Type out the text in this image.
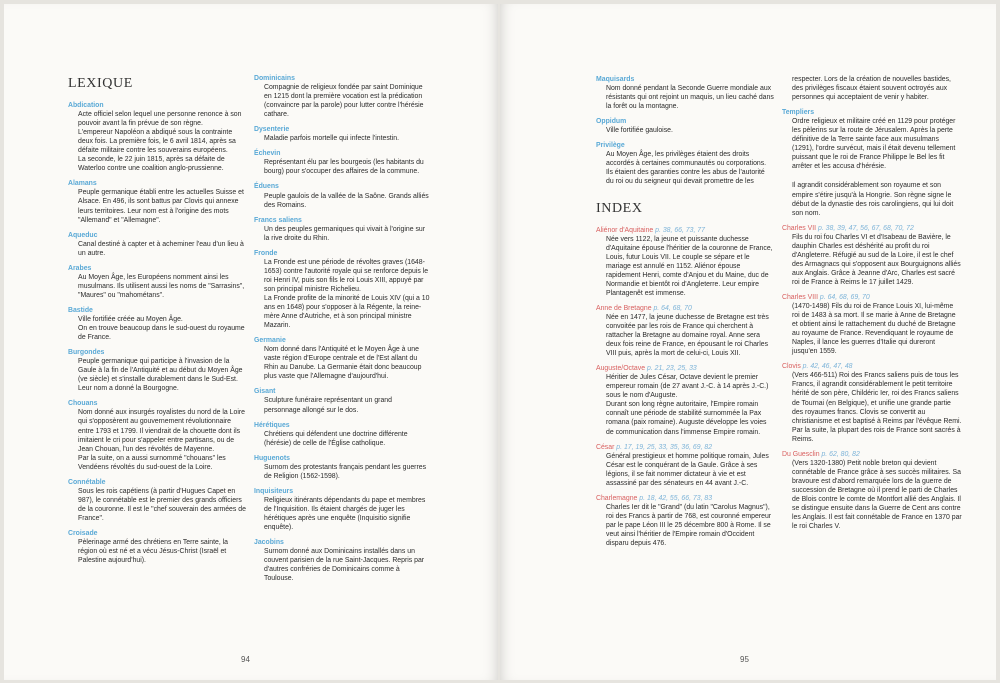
LEXIQUE
Abdication

Acte officiel selon lequel une personne renonce à son pouvoir avant la fin prévue de son règne.

L'empereur Napoléon a abdiqué sous la contrainte deux fois. La première fois, le 6 avril 1814, après sa défaite militaire contre les souverains européens.

La seconde, le 22 juin 1815, après sa défaite de Waterloo contre une coalition anglo-prussienne.

Alamans

Peuple germanique établi entre les actuelles Suisse et Alsace. En 496, ils sont battus par Clovis qui annexe leurs territoires. Leur nom est à l'origine des mots "Allemand" et "Allemagne".

Aqueduc

Canal destiné à capter et à acheminer l'eau d'un lieu à un autre.

Arabes

Au Moyen Âge, les Européens nomment ainsi les musulmans. Ils utilisent aussi les noms de "Sarrasins", "Maures" ou "mahométans".

Bastide

Ville fortifiée créée au Moyen Âge.

On en trouve beaucoup dans le sud-ouest du royaume de France.

Burgondes

Peuple germanique qui participe à l'invasion de la Gaule à la fin de l'Antiquité et au début du Moyen Âge (ve siècle) et s'installe durablement dans le Sud-Est. Leur nom a donné la Bourgogne.

Chouans

Nom donné aux insurgés royalistes du nord de la Loire qui s'opposèrent au gouvernement révolutionnaire entre 1793 et 1799. Il viendrait de la chouette dont ils imitaient le cri pour s'appeler entre partisans, ou de Jean Chouan, l'un des révoltés de Mayenne.

Par la suite, on a aussi surnommé "chouans" les Vendéens révoltés du sud-ouest de la Loire.

Connétable

Sous les rois capétiens (à partir d'Hugues Capet en 987), le connétable est le premier des grands officiers de la couronne. Il est le "chef souverain des armées de France".

Croisade

Pèlerinage armé des chrétiens en Terre sainte, la région où est né et a vécu Jésus-Christ (Israël et Palestine aujourd'hui).

Dominicains

Compagnie de religieux fondée par saint Dominique en 1215 dont la première vocation est la prédication (convaincre par la parole) pour lutter contre l'hérésie cathare.

Dysenterie

Maladie parfois mortelle qui infecte l'intestin.

Échevin

Représentant élu par les bourgeois (les habitants du bourg) pour s'occuper des affaires de la commune.

Éduens

Peuple gaulois de la vallée de la Saône. Grands alliés des Romains.

Francs saliens

Un des peuples germaniques qui vivait à l'origine sur la rive droite du Rhin.

Fronde

La Fronde est une période de révoltes graves (1648-1653) contre l'autorité royale qui se renforce depuis le roi Henri IV, puis son fils le roi Louis XIII, appuyé par son principal ministre Richelieu.

La Fronde profite de la minorité de Louis XIV (qui a 10 ans en 1648) pour s'opposer à la Régente, la reine-mère Anne d'Autriche, et à son principal ministre Mazarin.

Germanie

Nom donné dans l'Antiquité et le Moyen Âge à une vaste région d'Europe centrale et de l'Est allant du Rhin au Danube. La Germanie était donc beaucoup plus vaste que l'Allemagne d'aujourd'hui.

Gisant

Sculpture funéraire représentant un grand personnage allongé sur le dos.

Hérétiques

Chrétiens qui défendent une doctrine différente (hérésie) de celle de l'Église catholique.

Huguenots

Surnom des protestants français pendant les guerres de Religion (1562-1598).

Inquisiteurs

Religieux itinérants dépendants du pape et membres de l'Inquisition. Ils étaient chargés de juger les hérétiques après une enquête (Inquisitio signifie enquête).

Jacobins

Surnom donné aux Dominicains installés dans un couvent parisien de la rue Saint-Jacques. Repris par d'autres confréries de Dominicains comme à Toulouse.

94
Maquisards

Nom donné pendant la Seconde Guerre mondiale aux résistants qui ont rejoint un maquis, un lieu caché dans la forêt ou la montagne.

Oppidum

Ville fortifiée gauloise.

Privilège

Au Moyen Âge, les privilèges étaient des droits accordés à certaines communautés ou corporations. Ils étaient des garanties contre les abus de l'autorité du roi ou du seigneur qui devait promettre de les

INDEX
Aliénor d'Aquitaine p. 38, 66, 73, 77

Née vers 1122, la jeune et puissante duchesse d'Aquitaine épouse l'héritier de la couronne de France, Louis, futur Louis VII. Le couple se sépare et le mariage est annulé en 1152. Aliénor épouse rapidement Henri, comte d'Anjou et du Maine, duc de Normandie et bientôt roi d'Angleterre. Leur empire Plantagenêt est immense.

Anne de Bretagne p. 64, 68, 70

Née en 1477, la jeune duchesse de Bretagne est très convoitée par les rois de France qui cherchent à rattacher la Bretagne au domaine royal. Anne sera deux fois reine de France, en épousant le roi Charles VIII puis, après la mort de celui-ci, Louis XII.

Auguste/Octave p. 21, 23, 25, 33

Héritier de Jules César, Octave devient le premier empereur romain (de 27 avant J.-C. à 14 après J.-C.) sous le nom d'Auguste.

Durant son long règne autoritaire, l'Empire romain connaît une période de stabilité surnommée la Pax romana (paix romaine). Auguste développe les voies de communication dans l'immense Empire romain.

César p. 17, 19, 25, 33, 35, 36, 69, 82

Général prestigieux et homme politique romain, Jules César est le conquérant de la Gaule. Grâce à ses légions, il se fait nommer dictateur à vie et est assassiné par des sénateurs en 44 avant J.-C.

Charlemagne p. 18, 42, 55, 66, 73, 83

Charles Ier dit le "Grand" (du latin "Carolus Magnus"), roi des Francs à partir de 768, est couronné empereur par le pape Léon III le 25 décembre 800 à Rome. Il se veut ainsi l'héritier de l'Empire romain d'Occident disparu depuis 476.

respecter. Lors de la création de nouvelles bastides, des privilèges fiscaux étaient souvent octroyés aux personnes qui acceptaient de venir y habiter.

Templiers

Ordre religieux et militaire créé en 1129 pour protéger les pèlerins sur la route de Jérusalem. Après la perte définitive de la Terre sainte face aux musulmans (1291), l'ordre survécut, mais il était devenu tellement puissant que le roi de France Philippe le Bel les fit arrêter et les accusa d'hérésie.

Il agrandit considérablement son royaume et son empire s'étire jusqu'à la Hongrie. Son règne signe le début de la dynastie des rois carolingiens, qui lui doit son nom.

Charles VII p. 38, 39, 47, 56, 67, 68, 70, 72

Fils du roi fou Charles VI et d'Isabeau de Bavière, le dauphin Charles est déshérité au profit du roi d'Angleterre. Réfugié au sud de la Loire, il est le chef des Armagnacs qui s'opposent aux Bourguignons alliés aux Anglais. Grâce à Jeanne d'Arc, Charles est sacré roi de France à Reims le 17 juillet 1429.

Charles VIII p. 64, 68, 69, 70

(1470-1498) Fils du roi de France Louis XI, lui-même roi de 1483 à sa mort. Il se marie à Anne de Bretagne et obtient ainsi le rattachement du duché de Bretagne au royaume de France. Revendiquant le royaume de Naples, il lance les guerres d'Italie qui dureront jusqu'en 1559.

Clovis p. 42, 46, 47, 48

(Vers 466-511) Roi des Francs saliens puis de tous les Francs, il agrandit considérablement le petit territoire hérité de son père, Childéric Ier, roi des Francs saliens de Tournai (en Belgique), et unifie une grande partie des royaumes francs. Clovis se convertit au christianisme et est baptisé à Reims par l'évêque Remi. Par la suite, la plupart des rois de France sont sacrés à Reims.

Du Guesclin p. 62, 80, 82

(Vers 1320-1380) Petit noble breton qui devient connétable de France grâce à ses succès militaires. Sa bravoure est d'abord remarquée lors de la guerre de succession de Bretagne où il prend le parti de Charles de Blois contre le comte de Montfort allié des Anglais. Il se distingue ensuite dans la Guerre de Cent ans contre les Anglais. Il est fait connétable de France en 1370 par le roi Charles V.

95
